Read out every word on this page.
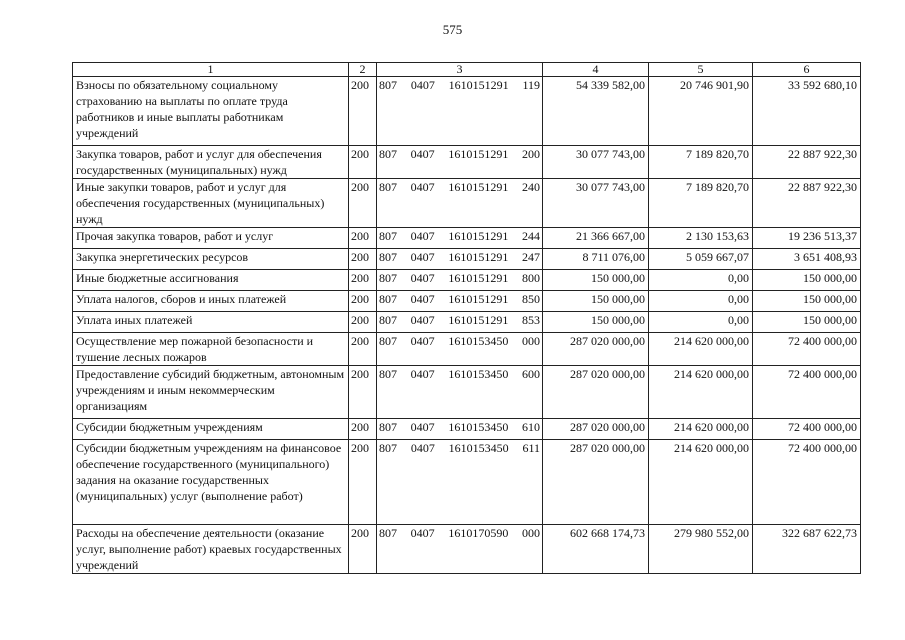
575
1	2	3	4	5	6
Взносы по обязательному социальному страхованию на выплаты по оплате труда работников и иные выплаты работникам учреждений	200	807 0407 1610151291 119	54 339 582,00	20 746 901,90	33 592 680,10
Закупка товаров, работ и услуг для обеспечения государственных (муниципальных) нужд	200	807 0407 1610151291 200	30 077 743,00	7 189 820,70	22 887 922,30
Иные закупки товаров, работ и услуг для обеспечения государственных (муниципальных) нужд	200	807 0407 1610151291 240	30 077 743,00	7 189 820,70	22 887 922,30
Прочая закупка товаров, работ и услуг	200	807 0407 1610151291 244	21 366 667,00	2 130 153,63	19 236 513,37
Закупка энергетических ресурсов	200	807 0407 1610151291 247	8 711 076,00	5 059 667,07	3 651 408,93
Иные бюджетные ассигнования	200	807 0407 1610151291 800	150 000,00	0,00	150 000,00
Уплата налогов, сборов и иных платежей	200	807 0407 1610151291 850	150 000,00	0,00	150 000,00
Уплата иных платежей	200	807 0407 1610151291 853	150 000,00	0,00	150 000,00
Осуществление мер пожарной безопасности и тушение лесных пожаров	200	807 0407 1610153450 000	287 020 000,00	214 620 000,00	72 400 000,00
Предоставление субсидий бюджетным, автономным учреждениям и иным некоммерческим организациям	200	807 0407 1610153450 600	287 020 000,00	214 620 000,00	72 400 000,00
Субсидии бюджетным учреждениям	200	807 0407 1610153450 610	287 020 000,00	214 620 000,00	72 400 000,00
Субсидии бюджетным учреждениям на финансовое обеспечение государственного (муниципального) задания на оказание государственных (муниципальных) услуг (выполнение работ)	200	807 0407 1610153450 611	287 020 000,00	214 620 000,00	72 400 000,00
Расходы на обеспечение деятельности (оказание услуг, выполнение работ) краевых государственных учреждений	200	807 0407 1610170590 000	602 668 174,73	279 980 552,00	322 687 622,73
